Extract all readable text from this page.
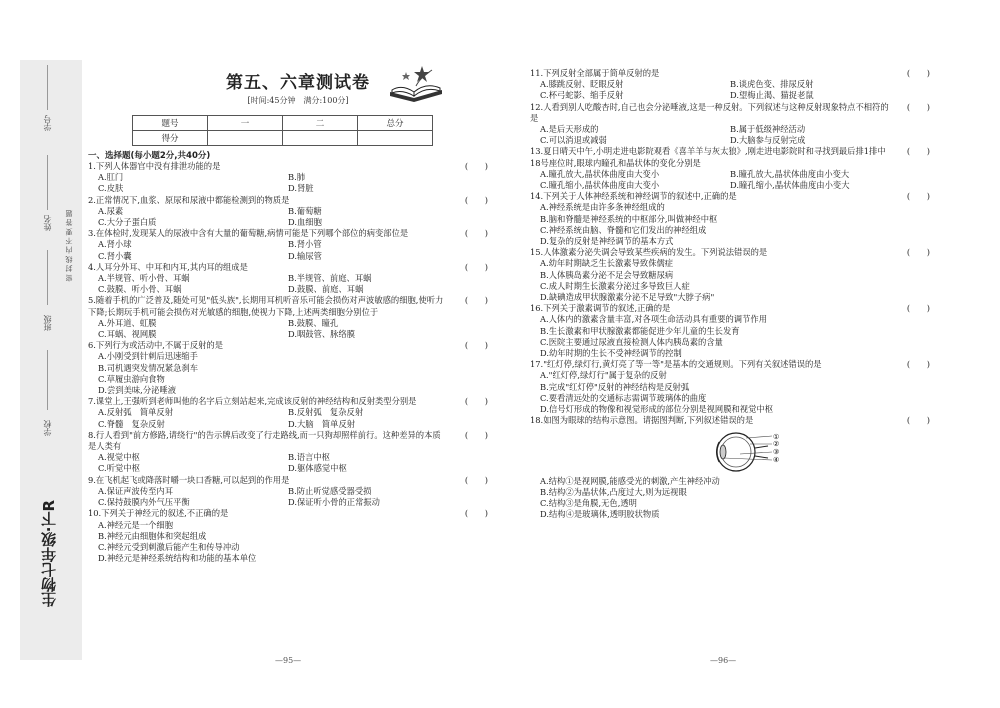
生物七年级·下R
学校
班级
姓名
学号
密 封 线 内 不 要 答 题
第五、六章测试卷
[时间:45分钟　满分:100分]
题号	一	二	总分
得分			
一、选择题(每小题2分,共40分)
1.下列人体器官中没有排泄功能的是	(　　)
A.肛门	B.肺
C.皮肤	D.肾脏
2.正常情况下,血浆、原尿和尿液中都能检测到的物质是	(　　)
A.尿素	B.葡萄糖
C.大分子蛋白质	D.血细胞
3.在体检时,发现某人的尿液中含有大量的葡萄糖,病情可能是下列哪个部位的病变部位是	(　　)
A.肾小球	B.肾小管
C.肾小囊	D.输尿管
4.人耳分外耳、中耳和内耳,其内耳的组成是	(　　)
A.半规管、听小骨、耳蜗	B.半规管、前庭、耳蜗
C.鼓膜、听小骨、耳蜗	D.鼓膜、前庭、耳蜗
5.随着手机的广泛普及,随处可见"低头族",长期用耳机听音乐可能会损伤对声波敏感的细胞,使听力下降;长期玩手机可能会损伤对光敏感的细胞,使视力下降,上述两类细胞分别位于
(　　)
A.外耳道、虹膜	B.鼓膜、瞳孔
C.耳蜗、视网膜	D.咽鼓管、脉络膜
6.下列行为或活动中,不属于反射的是	(　　)
A.小刚受到针刺后迅速缩手
B.司机遇突发情况紧急刹车
C.草履虫游向食物
D.尝到美味,分泌唾液
7.课堂上,王强听到老师叫他的名字后立刻站起来,完成该反射的神经结构和反射类型分别是	(　　)
A.反射弧　简单反射	B.反射弧　复杂反射
C.脊髓　复杂反射	D.大脑　简单反射
8.行人看到"前方修路,请绕行"的告示牌后改变了行走路线,而一只狗却照样前行。这种差异的本质是人类有
(　　)
A.视觉中枢	B.语言中枢
C.听觉中枢	D.躯体感觉中枢
9.在飞机起飞或降落时嚼一块口香糖,可以起到的作用是	(　　)
A.保证声波传至内耳	B.防止听觉感受器受损
C.保持鼓膜内外气压平衡	D.保证听小骨的正常振动
10.下列关于神经元的叙述,不正确的是	(　　)
A.神经元是一个细胞
B.神经元由细胞体和突起组成
C.神经元受到刺激后能产生和传导冲动
D.神经元是神经系统结构和功能的基本单位
11.下列反射全部属于简单反射的是	(　　)
A.膝跳反射、眨眼反射	B.谈虎色变、排尿反射
C.杯弓蛇影、缩手反射	D.望梅止渴、猫捉老鼠
12.人看到别人吃酸杏时,自己也会分泌唾液,这是一种反射。下列叙述与这种反射现象特点不相符的是
(　　)
A.是后天形成的	B.属于低级神经活动
C.可以消退或减弱	D.大脑参与反射完成
13.夏日晴天中午,小明走进电影院观看《喜羊羊与灰太狼》,刚走进电影院时和寻找到最后排1排中18号座位时,眼球内瞳孔和晶状体的变化分别是
(　　)
A.瞳孔放大,晶状体曲度由大变小	B.瞳孔放大,晶状体曲度由小变大
C.瞳孔缩小,晶状体曲度由大变小	D.瞳孔缩小,晶状体曲度由小变大
14.下列关于人体神经系统和神经调节的叙述中,正确的是	(　　)
A.神经系统是由许多条神经组成的
B.脑和脊髓是神经系统的中枢部分,叫做神经中枢
C.神经系统由脑、脊髓和它们发出的神经组成
D.复杂的反射是神经调节的基本方式
15.人体激素分泌失调会导致某些疾病的发生。下列说法错误的是	(　　)
A.幼年时期缺乏生长激素导致侏儒症
B.人体胰岛素分泌不足会导致糖尿病
C.成人时期生长激素分泌过多导致巨人症
D.缺碘造成甲状腺激素分泌不足导致"大脖子病"
16.下列关于激素调节的叙述,正确的是	(　　)
A.人体内的激素含量丰富,对各项生命活动具有重要的调节作用
B.生长激素和甲状腺激素都能促进少年儿童的生长发育
C.医院主要通过尿液直接检测人体内胰岛素的含量
D.幼年时期的生长不受神经调节的控制
17."红灯停,绿灯行,黄灯亮了等一等"是基本的交通规则。下列有关叙述错误的是	(　　)
A."红灯停,绿灯行"属于复杂的反射
B.完成"红灯停"反射的神经结构是反射弧
C.要看清远处的交通标志需调节玻璃体的曲度
D.信号灯形成的物像和视觉形成的部位分别是视网膜和视觉中枢
18.如图为眼球的结构示意图。请据图判断,下列叙述错误的是	(　　)
①
②
③
④
A.结构①是视网膜,能感受光的刺激,产生神经冲动
B.结构②为晶状体,凸度过大,则为远视眼
C.结构③是角膜,无色,透明
D.结构④是玻璃体,透明胶状物质
—95—	—96—
